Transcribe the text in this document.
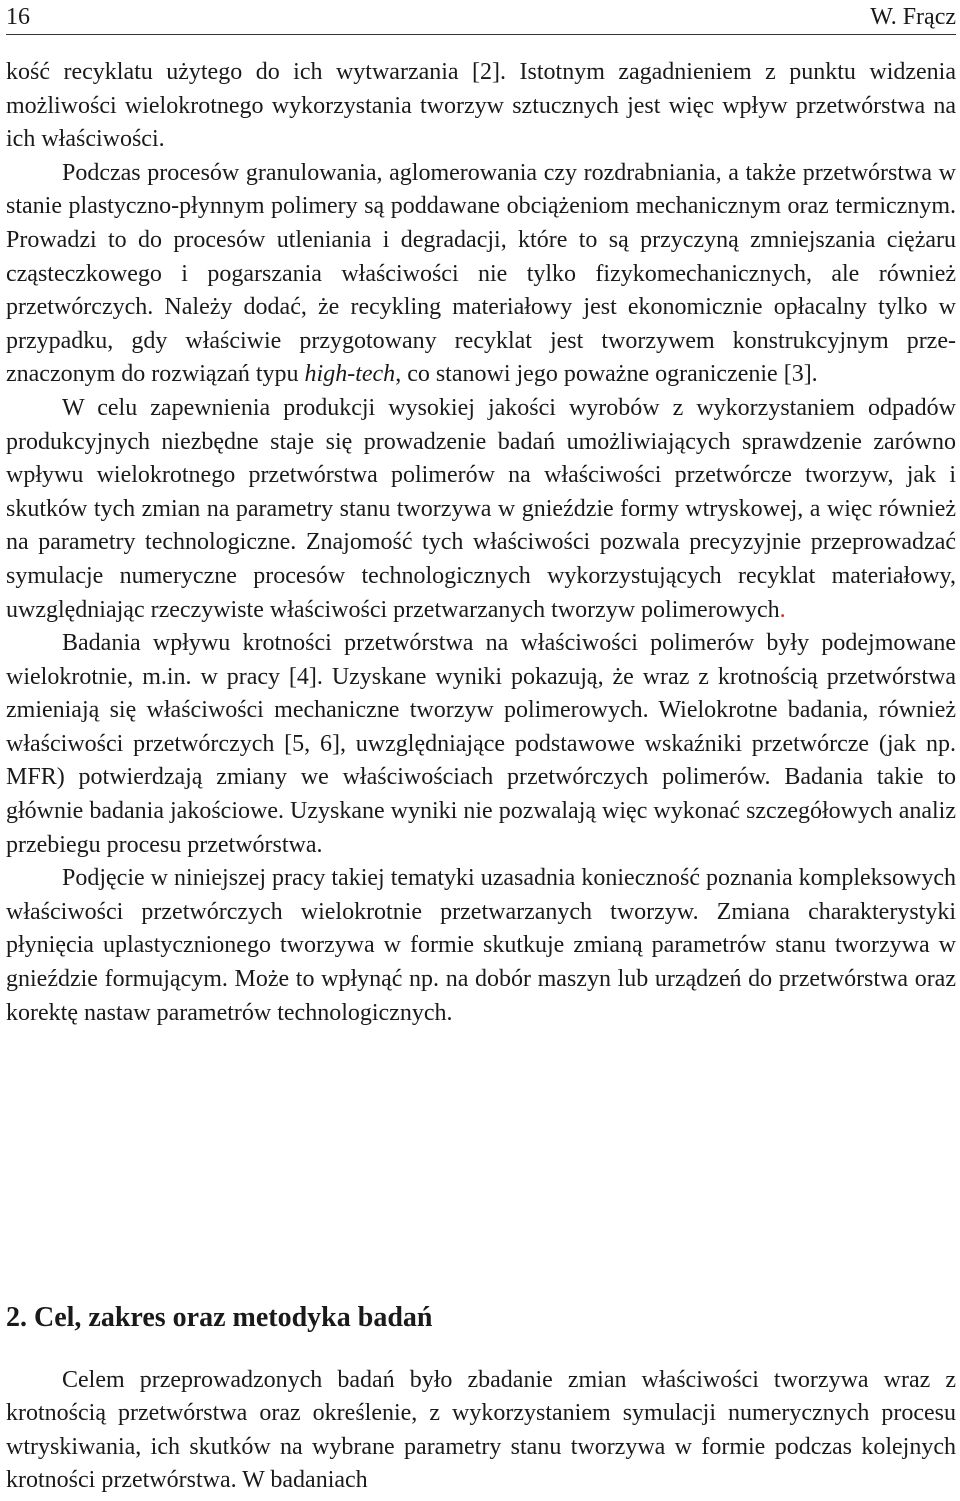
16	W. Frącz

kość recyklatu użytego do ich wytwarzania [2]. Istotnym zagadnieniem z punktu widzenia możliwości wielokrotnego wykorzystania tworzyw sztucznych jest więc wpływ przetwórstwa na ich właściwości.

Podczas procesów granulowania, aglomerowania czy rozdrabniania, a także przetwórstwa w stanie plastyczno-płynnym polimery są poddawane obciążeniom mechanicznym oraz termicznym. Prowadzi to do procesów utleniania i degradacji, które to są przyczyną zmniejszania ciężaru cząsteczkowego i pogarszania właściwości nie tylko fizykomechanicznych, ale również przetwórczych. Należy dodać, że recykling materiałowy jest ekonomicznie opłacalny tylko w przypadku, gdy właściwie przygotowany recyklat jest tworzywem konstrukcyjnym przeznaczonym do rozwiązań typu high-tech, co stanowi jego poważne ograniczenie [3].

W celu zapewnienia produkcji wysokiej jakości wyrobów z wykorzystaniem odpadów produkcyjnych niezbędne staje się prowadzenie badań umożliwiających sprawdzenie zarówno wpływu wielokrotnego przetwórstwa polimerów na właściwości przetwórcze tworzyw, jak i skutków tych zmian na parametry stanu tworzywa w gnieździe formy wtryskowej, a więc również na parametry technologiczne. Znajomość tych właściwości pozwala precyzyjnie przeprowadzać symulacje numeryczne procesów technologicznych wykorzystujących recyklat materiałowy, uwzględniając rzeczywiste właściwości przetwarzanych tworzyw polimerowych.

Badania wpływu krotności przetwórstwa na właściwości polimerów były podejmowane wielokrotnie, m.in. w pracy [4]. Uzyskane wyniki pokazują, że wraz z krotnością przetwórstwa zmieniają się właściwości mechaniczne tworzyw polimerowych. Wielokrotne badania, również właściwości przetwórczych [5, 6], uwzględniające podstawowe wskaźniki przetwórcze (jak np. MFR) potwierdzają zmiany we właściwościach przetwórczych polimerów. Badania takie to głównie badania jakościowe. Uzyskane wyniki nie pozwalają więc wykonać szczegółowych analiz przebiegu procesu przetwórstwa.

Podjęcie w niniejszej pracy takiej tematyki uzasadnia konieczność poznania kompleksowych właściwości przetwórczych wielokrotnie przetwarzanych tworzyw. Zmiana charakterystyki płynięcia uplastycznionego tworzywa w formie skutkuje zmianą parametrów stanu tworzywa w gnieździe formującym. Może to wpłynąć np. na dobór maszyn lub urządzeń do przetwórstwa oraz korektę nastaw parametrów technologicznych.

2. Cel, zakres oraz metodyka badań

Celem przeprowadzonych badań było zbadanie zmian właściwości tworzywa wraz z krotnością przetwórstwa oraz określenie, z wykorzystaniem symulacji numerycznych procesu wtryskiwania, ich skutków na wybrane parametry stanu tworzywa w formie podczas kolejnych krotności przetwórstwa. W badaniach
